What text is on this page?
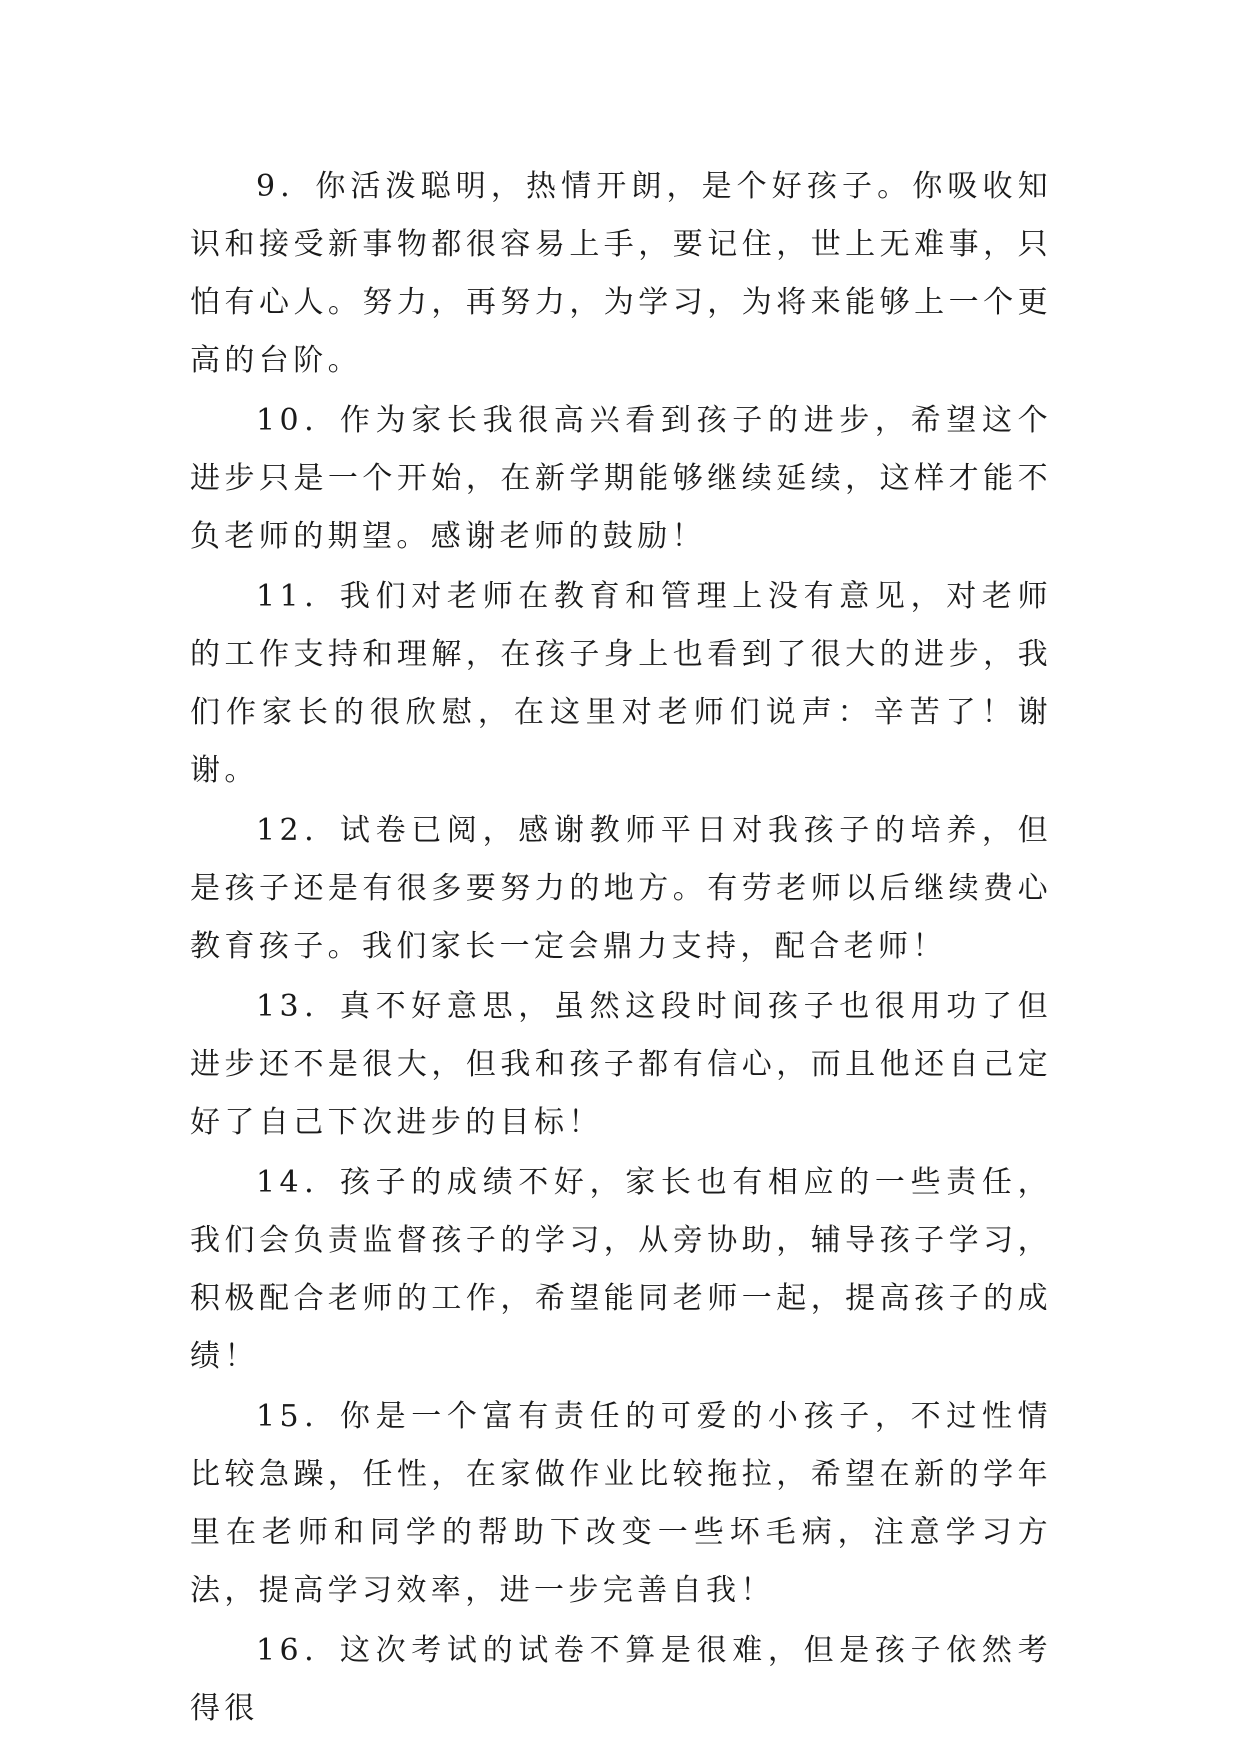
9．你活泼聪明，热情开朗，是个好孩子。你吸收知识和接受新事物都很容易上手，要记住，世上无难事，只怕有心人。努力，再努力，为学习，为将来能够上一个更高的台阶。

10．作为家长我很高兴看到孩子的进步，希望这个进步只是一个开始，在新学期能够继续延续，这样才能不负老师的期望。感谢老师的鼓励！

11．我们对老师在教育和管理上没有意见，对老师的工作支持和理解，在孩子身上也看到了很大的进步，我们作家长的很欣慰，在这里对老师们说声：辛苦了！谢谢。

12．试卷已阅，感谢教师平日对我孩子的培养，但是孩子还是有很多要努力的地方。有劳老师以后继续费心教育孩子。我们家长一定会鼎力支持，配合老师！

13．真不好意思，虽然这段时间孩子也很用功了但进步还不是很大，但我和孩子都有信心，而且他还自己定好了自己下次进步的目标！

14．孩子的成绩不好，家长也有相应的一些责任，我们会负责监督孩子的学习，从旁协助，辅导孩子学习，积极配合老师的工作，希望能同老师一起，提高孩子的成绩！

15．你是一个富有责任的可爱的小孩子，不过性情比较急躁，任性，在家做作业比较拖拉，希望在新的学年里在老师和同学的帮助下改变一些坏毛病，注意学习方法，提高学习效率，进一步完善自我！

16．这次考试的试卷不算是很难，但是孩子依然考得很
